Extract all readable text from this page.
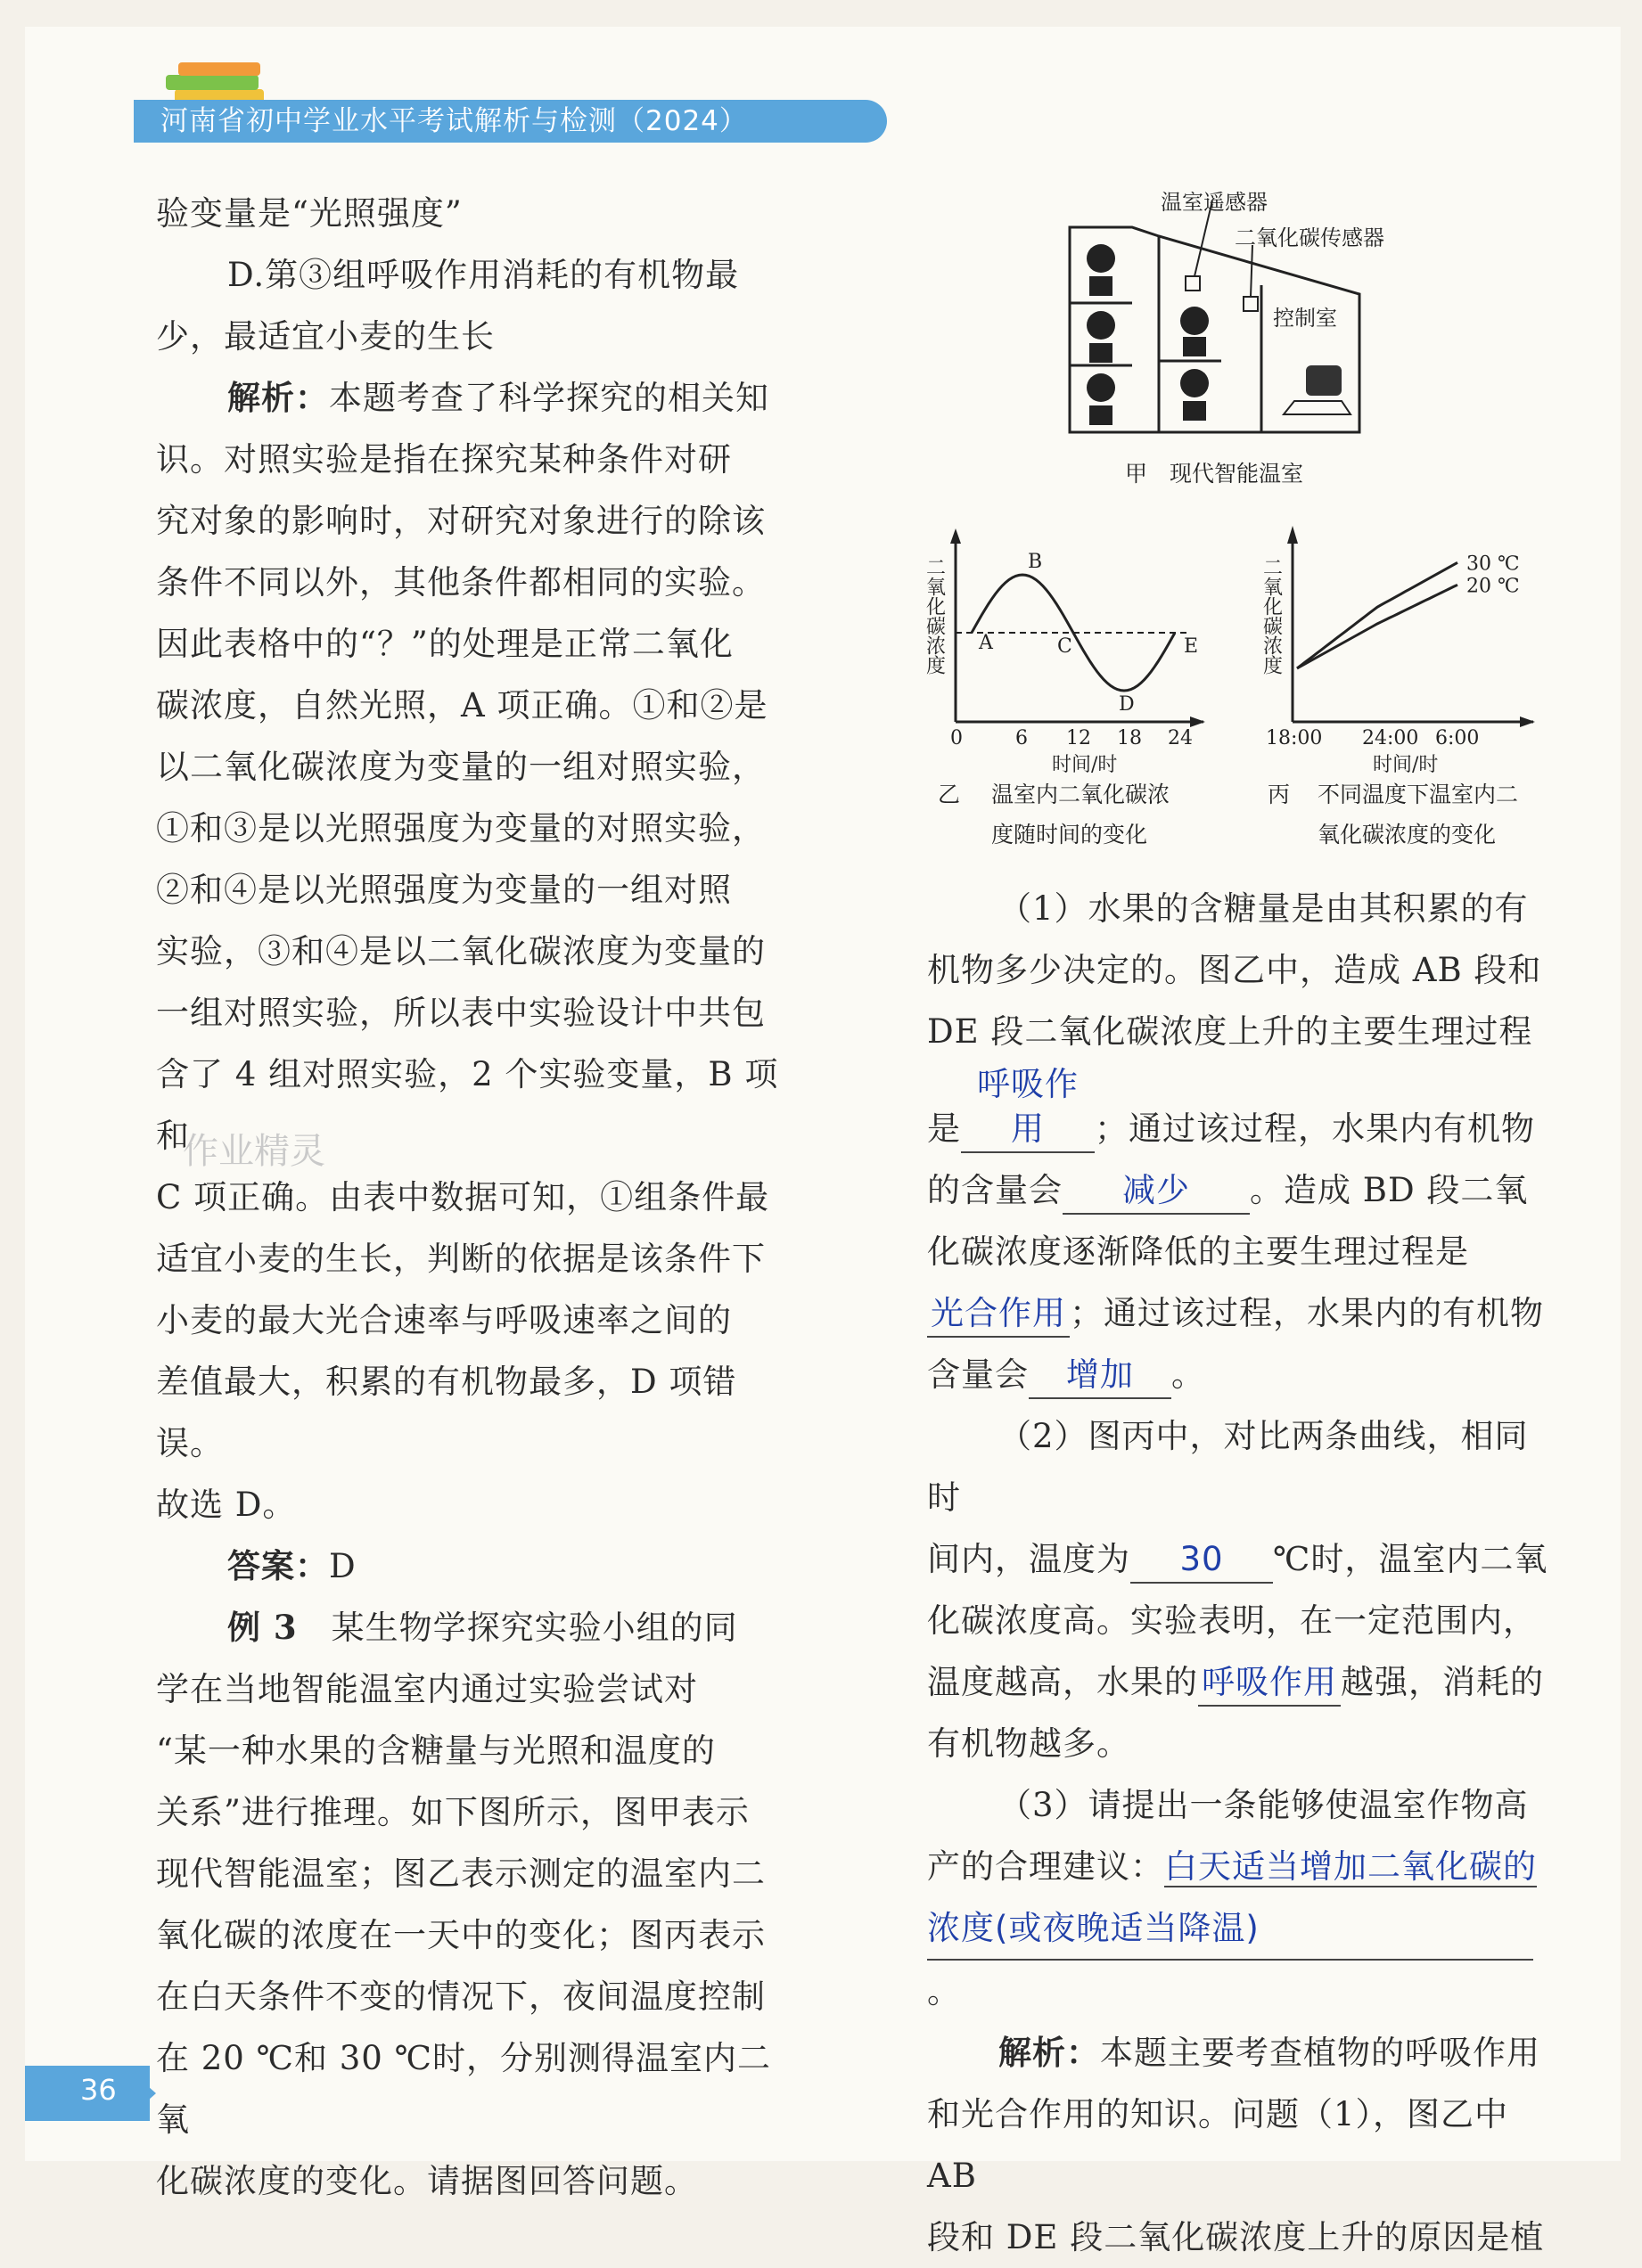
河南省初中学业水平考试解析与检测（2024）

验变量是“光照强度”

D.第③组呼吸作用消耗的有机物最

少，最适宜小麦的生长

解析：本题考查了科学探究的相关知

识。对照实验是指在探究某种条件对研

究对象的影响时，对研究对象进行的除该

条件不同以外，其他条件都相同的实验。

因此表格中的“？”的处理是正常二氧化

碳浓度，自然光照，A 项正确。①和②是

以二氧化碳浓度为变量的一组对照实验，

①和③是以光照强度为变量的对照实验，

②和④是以光照强度为变量的一组对照

实验，③和④是以二氧化碳浓度为变量的

一组对照实验，所以表中实验设计中共包

含了 4 组对照实验，2 个实验变量，B 项和

C 项正确。由表中数据可知，①组条件最

适宜小麦的生长，判断的依据是该条件下

小麦的最大光合速率与呼吸速率之间的

差值最大，积累的有机物最多，D 项错误。

故选 D。

答案：D

例 3　 某生物学探究实验小组的同

学在当地智能温室内通过实验尝试对

“某一种水果的含糖量与光照和温度的

关系”进行推理。如下图所示，图甲表示

现代智能温室；图乙表示测定的温室内二

氧化碳的浓度在一天中的变化；图丙表示

在白天条件不变的情况下，夜间温度控制

在 20 ℃和 30 ℃时，分别测得温室内二氧

化碳浓度的变化。请据图回答问题。

作业精灵
温室遥感器
二氧化碳传感器
控制室
甲　现代智能温室
二氧化碳浓度
0	6 12 18 24
A
B
C
D
E
时间/时
乙 温室内二氧化碳浓
度随时间的变化
二氧化碳浓度	30 ℃
20 ℃
18:00 24:00 6:00
时间/时
丙 不同温度下温室内二
氧化碳浓度的变化

（1）水果的含糖量是由其积累的有

机物多少决定的。图乙中，造成 AB 段和

DE 段二氧化碳浓度上升的主要生理过程

是呼吸作用 ；通过该过程，水果内有机物

的含量会 减少 。造成 BD 段二氧

化碳浓度逐渐降低的主要生理过程是

光合作用 ；通过该过程，水果内的有机物

含量会 增加 。

（2）图丙中，对比两条曲线，相同时

间内，温度为 30 ℃时，温室内二氧

化碳浓度高。实验表明，在一定范围内，

温度越高，水果的 呼吸作用 越强，消耗的

有机物越多。

（3）请提出一条能够使温室作物高

产的合理建议：白天适当增加二氧化碳的

浓度(或夜晚适当降温)。

解析：本题主要考查植物的呼吸作用

和光合作用的知识。问题（1），图乙中 AB

段和 DE 段二氧化碳浓度上升的原因是植

36
